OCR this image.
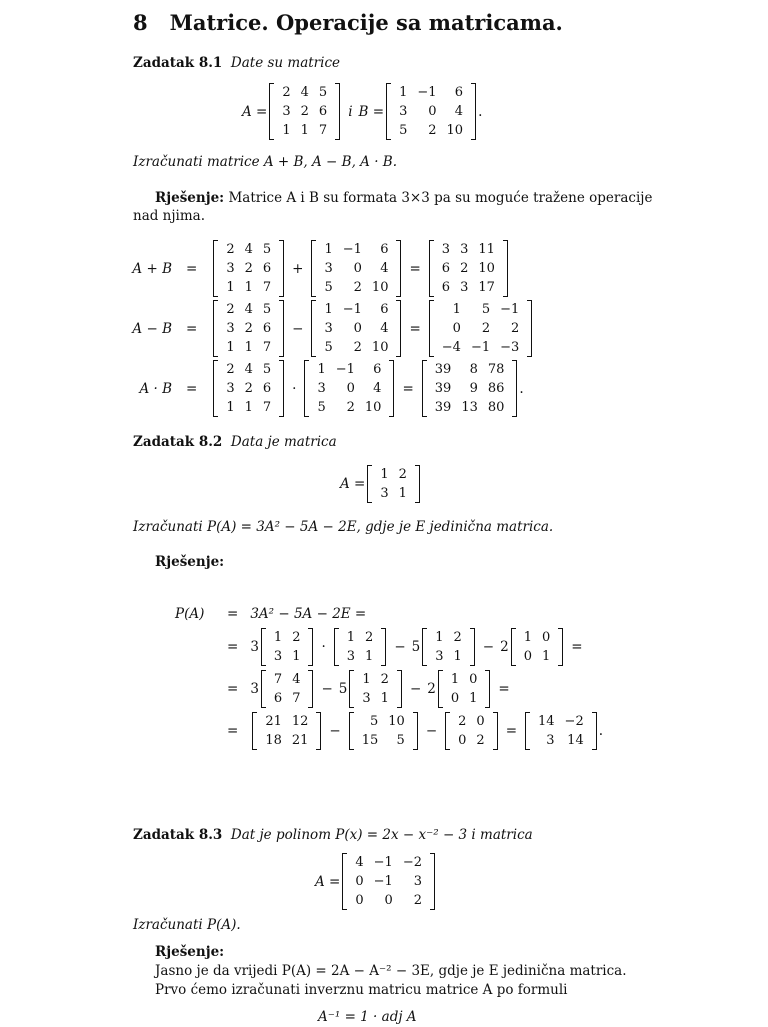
8 Matrice. Operacije sa matricama.
Zadatak 8.1 Date su matrice
A =
2	4	5
3	2	6
1	1	7
i B =
1	−1	6
3	0	4
5	2	10
.
Izračunati matrice A + B, A − B, A · B.
Rješenje: Matrice A i B su formata 3×3 pa su moguće tražene operacije
nad njima.
A + B	=
2	4	5
3	2	6
1	1	7
+
1	−1	6
3	0	4
5	2	10
=
3	3	11
6	2	10
6	3	17
A − B	=
2	4	5
3	2	6
1	1	7
−
1	−1	6
3	0	4
5	2	10
=
1	5	−1
0	2	2
−4	−1	−3
A · B	=
2	4	5
3	2	6
1	1	7
·
1	−1	6
3	0	4
5	2	10
=
39	8	78
39	9	86
39	13	80
.
Zadatak 8.2 Data je matrica
A =
1	2
3	1
Izračunati P(A) = 3A² − 5A − 2E, gdje je E jedinična matrica.
Rješenje:
P(A)	= 3A² − 5A − 2E =
= 3
1	2
3	1
·
1	2
3	1
− 5
1	2
3	1
− 2
1	0
0	1
=
= 3
7	4
6	7
− 5
1	2
3	1
− 2
1	0
0	1
=
=
21	12
18	21
−
5	10
15	5
−
2	0
0	2
=
14	−2
3	14
.
Zadatak 8.3 Dat je polinom P(x) = 2x − x⁻² − 3 i matrica
A =
4	−1	−2
0	−1	3
0	0	2
Izračunati P(A).
Rješenje:
Jasno je da vrijedi P(A) = 2A − A⁻² − 3E, gdje je E jedinična matrica.
Prvo ćemo izračunati inverznu matricu matrice A po formuli
A⁻¹ = 1 · adj A
